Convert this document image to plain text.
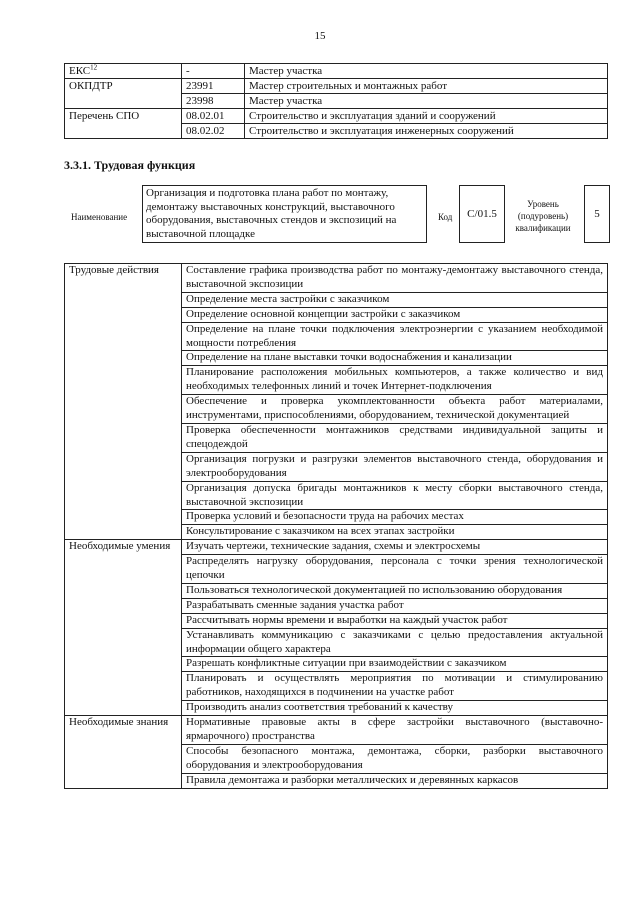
15
ЕКС$^{12}$	-	Мастер участка
ОКПДТР	23991	Мастер строительных и монтажных работ
	23998	Мастер участка
Перечень СПО	08.02.01	Строительство и эксплуатация зданий и сооружений
	08.02.02	Строительство и эксплуатация инженерных сооружений
3.3.1. Трудовая функция
Наименование
Организация и подготовка плана работ по монтажу, демонтажу выставочных конструкций, выставочного оборудования, выставочных стендов и экспозиций на выставочной площадке
Код	C/01.5
Уровень (подуровень) квалификации
5
Трудовые действия	Составление графика производства работ по монтажу-демонтажу выставочного стенда, выставочной экспозиции
	Определение места застройки с заказчиком
	Определение основной концепции застройки с заказчиком
	Определение на плане точки подключения электроэнергии с указанием необходимой мощности потребления
	Определение на плане выставки точки водоснабжения и канализации
	Планирование расположения мобильных компьютеров, а также количество и вид необходимых телефонных линий и точек Интернет-подключения
	Обеспечение и проверка укомплектованности объекта работ материалами, инструментами, приспособлениями, оборудованием, технической документацией
	Проверка обеспеченности монтажников средствами индивидуальной защиты и спецодеждой
	Организация погрузки и разгрузки элементов выставочного стенда, оборудования и электрооборудования
	Организация допуска бригады монтажников к месту сборки выставочного стенда, выставочной экспозиции
	Проверка условий и безопасности труда на рабочих местах
	Консультирование с заказчиком на всех этапах застройки
Необходимые умения	Изучать чертежи, технические задания, схемы и электросхемы
	Распределять нагрузку оборудования, персонала с точки зрения технологической цепочки
	Пользоваться технологической документацией по использованию оборудования
	Разрабатывать сменные задания участка работ
	Рассчитывать нормы времени и выработки на каждый участок работ
	Устанавливать коммуникацию с заказчиками с целью предоставления актуальной информации общего характера
	Разрешать конфликтные ситуации при взаимодействии с заказчиком
	Планировать и осуществлять мероприятия по мотивации и стимулированию работников, находящихся в подчинении на участке работ
	Производить анализ соответствия требований к качеству
Необходимые знания	Нормативные правовые акты в сфере застройки выставочного (выставочно-ярмарочного) пространства
	Способы безопасного монтажа, демонтажа, сборки, разборки выставочного оборудования и электрооборудования
	Правила демонтажа и разборки металлических и деревянных каркасов
